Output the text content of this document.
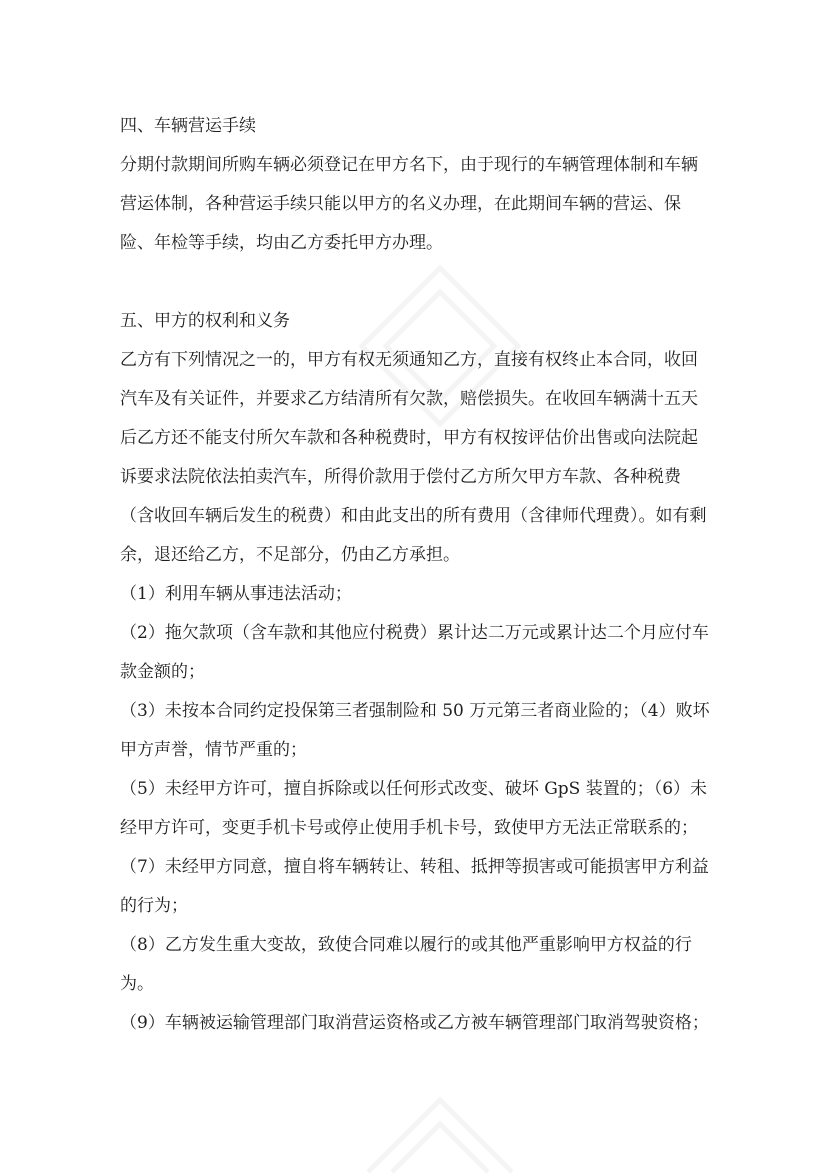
四、车辆营运手续
分期付款期间所购车辆必须登记在甲方名下，由于现行的车辆管理体制和车辆
营运体制，各种营运手续只能以甲方的名义办理，在此期间车辆的营运、保
险、年检等手续，均由乙方委托甲方办理。
五、甲方的权利和义务
乙方有下列情况之一的，甲方有权无须通知乙方，直接有权终止本合同，收回
汽车及有关证件，并要求乙方结清所有欠款，赔偿损失。在收回车辆满十五天
后乙方还不能支付所欠车款和各种税费时，甲方有权按评估价出售或向法院起
诉要求法院依法拍卖汽车，所得价款用于偿付乙方所欠甲方车款、各种税费
（含收回车辆后发生的税费）和由此支出的所有费用（含律师代理费）。如有剩
余，退还给乙方，不足部分，仍由乙方承担。
（1）利用车辆从事违法活动；
（2）拖欠款项（含车款和其他应付税费）累计达二万元或累计达二个月应付车
款金额的；
（3）未按本合同约定投保第三者强制险和 50 万元第三者商业险的；（4）败坏
甲方声誉，情节严重的；
（5）未经甲方许可，擅自拆除或以任何形式改变、破坏 GpS 装置的；（6）未
经甲方许可，变更手机卡号或停止使用手机卡号，致使甲方无法正常联系的；
（7）未经甲方同意，擅自将车辆转让、转租、抵押等损害或可能损害甲方利益
的行为；
（8）乙方发生重大变故，致使合同难以履行的或其他严重影响甲方权益的行
为。
（9）车辆被运输管理部门取消营运资格或乙方被车辆管理部门取消驾驶资格；
